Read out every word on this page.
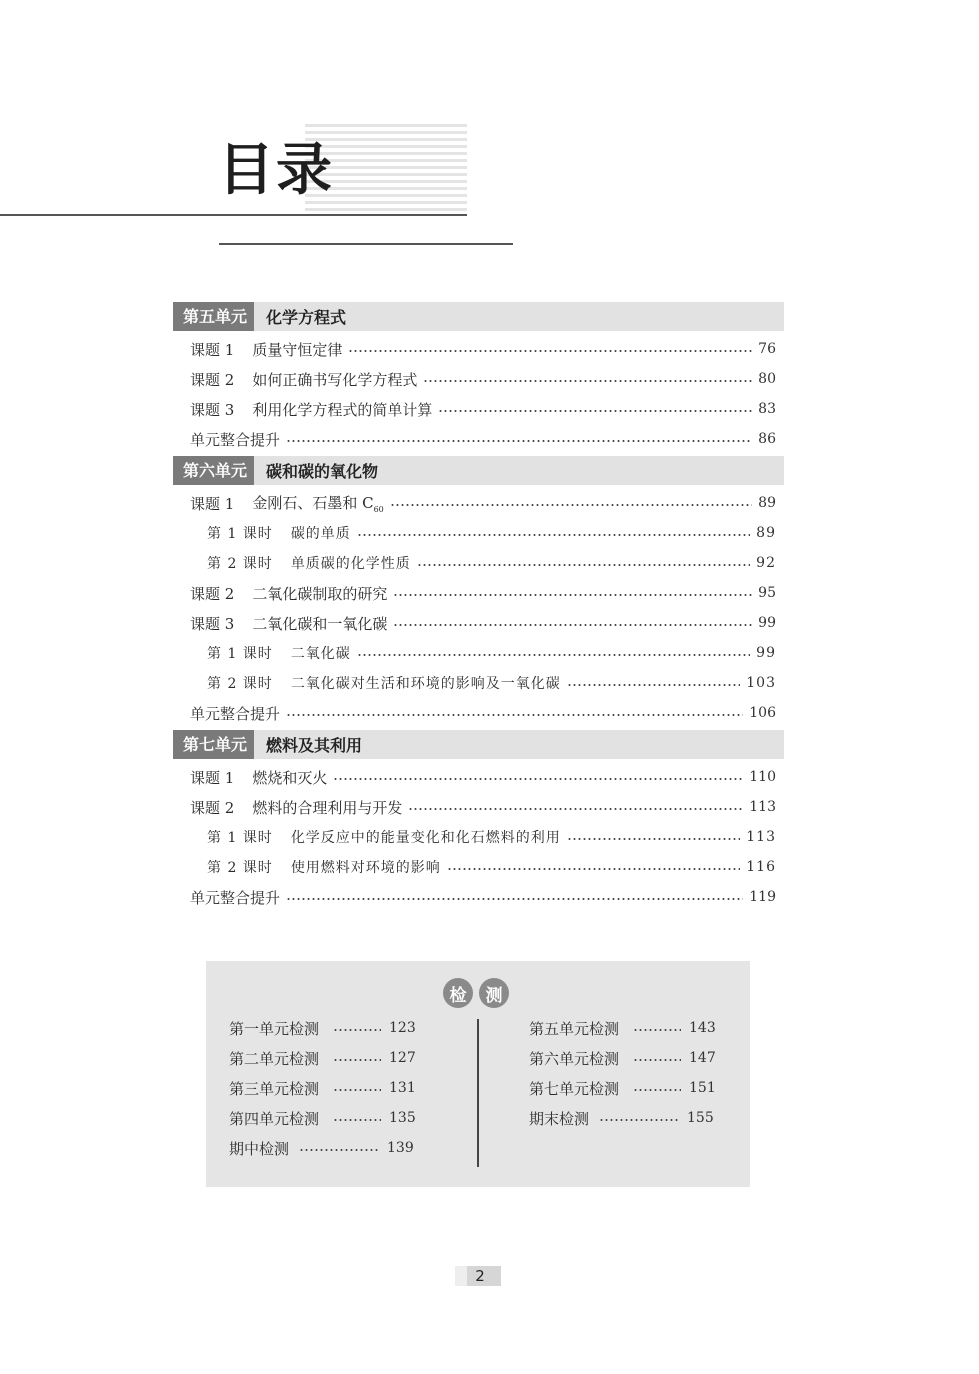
目录
第五单元	化学方程式
课题 1 质量守恒定律	76
课题 2 如何正确书写化学方程式	80
课题 3 利用化学方程式的简单计算	83
单元整合提升	86
第六单元	碳和碳的氧化物
课题 1 金刚石、石墨和 $C_{60}$	89
第 1 课时 碳的单质	89
第 2 课时 单质碳的化学性质	92
课题 2 二氧化碳制取的研究	95
课题 3 二氧化碳和一氧化碳	99
第 1 课时 二氧化碳	99
第 2 课时 二氧化碳对生活和环境的影响及一氧化碳	103
单元整合提升	106
第七单元	燃料及其利用
课题 1 燃烧和灭火	110
课题 2 燃料的合理利用与开发	113
第 1 课时 化学反应中的能量变化和化石燃料的利用	113
第 2 课时 使用燃料对环境的影响	116
单元整合提升	119
检	测
第一单元检测	123
第二单元检测	127
第三单元检测	131
第四单元检测	135
期中检测	139
第五单元检测	143
第六单元检测	147
第七单元检测	151
期末检测	155
2
